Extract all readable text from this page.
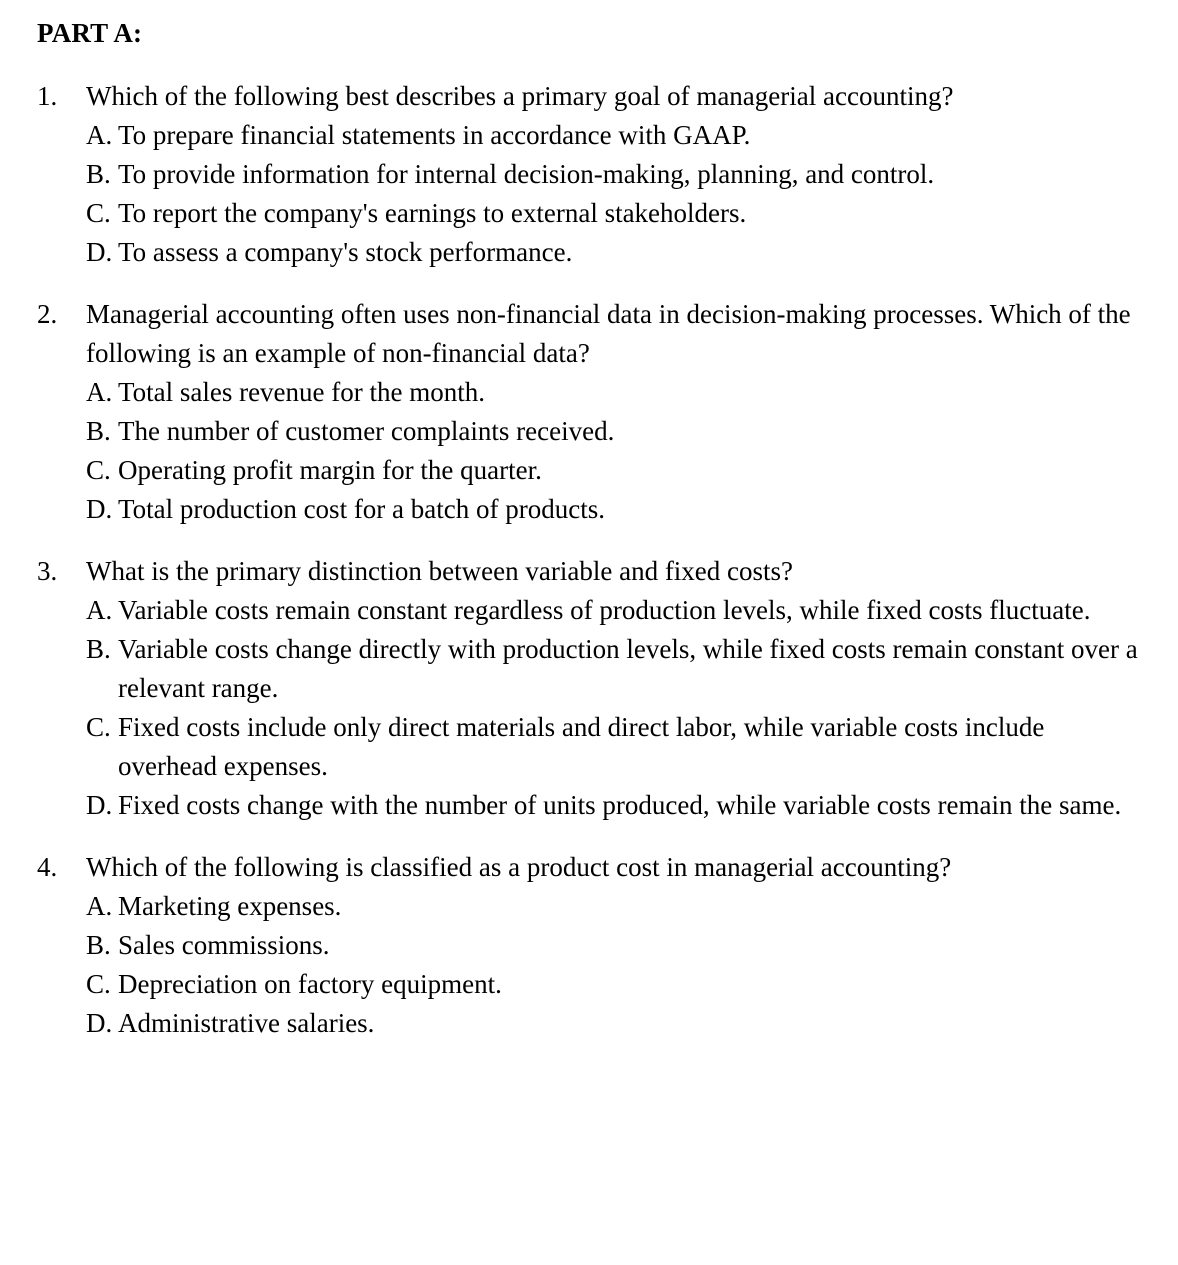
PART A:
1.	Which of the following best describes a primary goal of managerial accounting?

A. To prepare financial statements in accordance with GAAP.
B. To provide information for internal decision-making, planning, and control.
C. To report the company's earnings to external stakeholders.
D. To assess a company's stock performance.
2.	Managerial accounting often uses non-financial data in decision-making processes. Which of the following is an example of non-financial data?

A. Total sales revenue for the month.
B. The number of customer complaints received.
C. Operating profit margin for the quarter.
D. Total production cost for a batch of products.
3.	What is the primary distinction between variable and fixed costs?

A. Variable costs remain constant regardless of production levels, while fixed costs fluctuate.
B. Variable costs change directly with production levels, while fixed costs remain constant over a relevant range.
C. Fixed costs include only direct materials and direct labor, while variable costs include overhead expenses.
D. Fixed costs change with the number of units produced, while variable costs remain the same.
4.	Which of the following is classified as a product cost in managerial accounting?

A. Marketing expenses.
B. Sales commissions.
C. Depreciation on factory equipment.
D. Administrative salaries.
